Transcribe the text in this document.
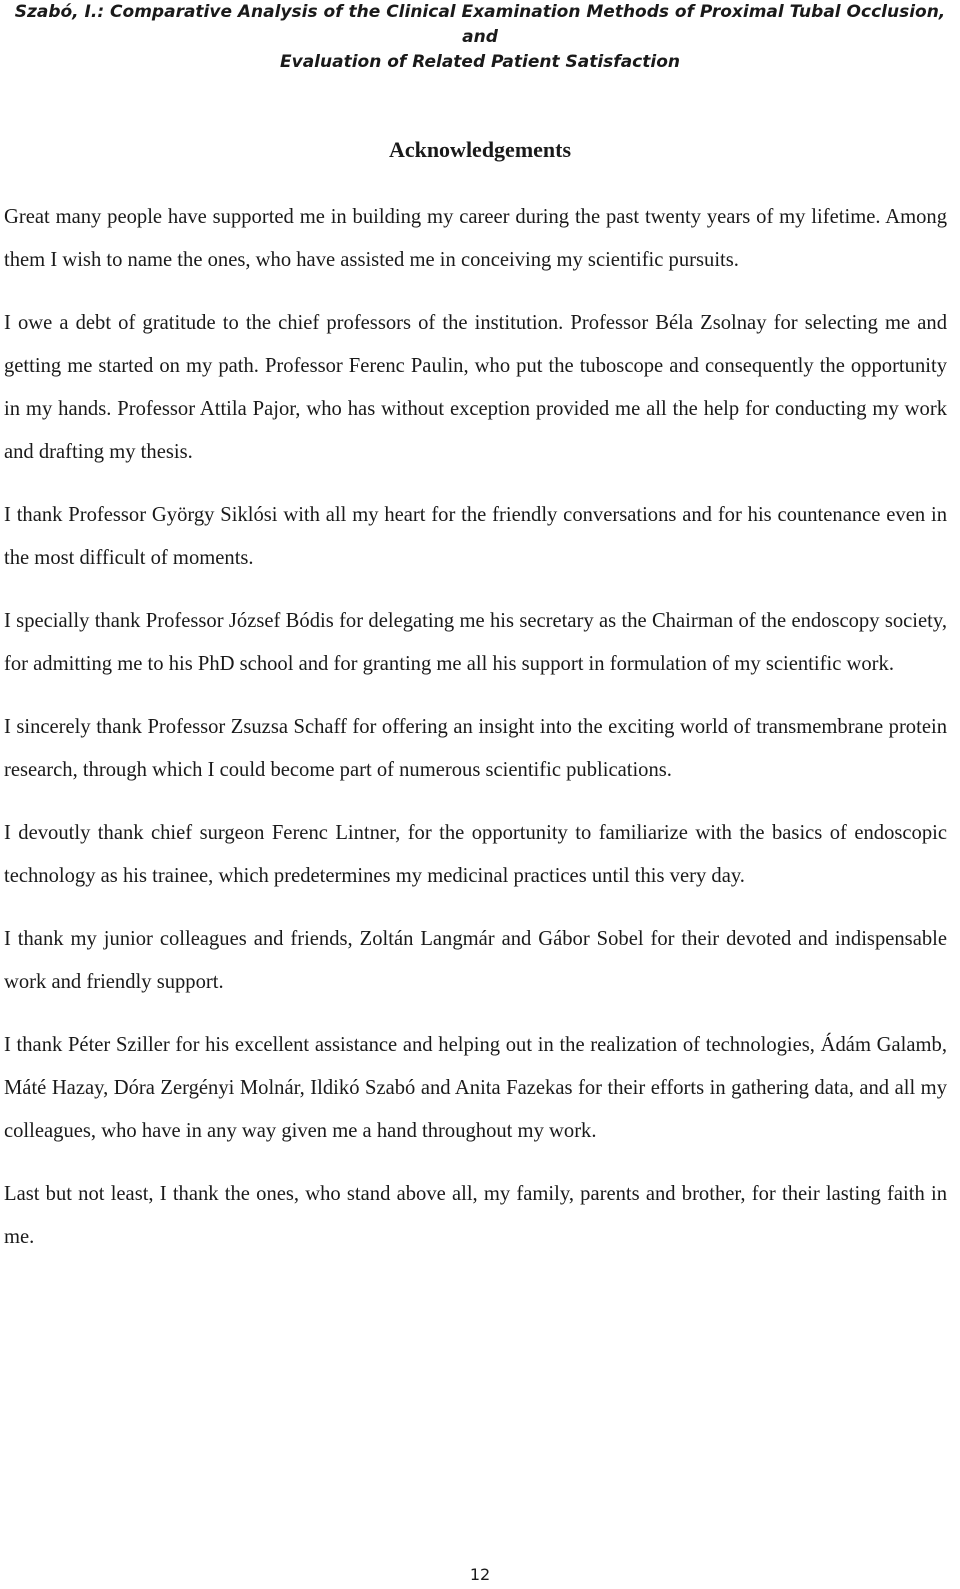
Szabó, I.: Comparative Analysis of the Clinical Examination Methods of Proximal Tubal Occlusion, and
Evaluation of Related Patient Satisfaction
Acknowledgements

Great many people have supported me in building my career during the past twenty years of my lifetime. Among them I wish to name the ones, who have assisted me in conceiving my scientific pursuits.

I owe a debt of gratitude to the chief professors of the institution. Professor Béla Zsolnay for selecting me and getting me started on my path. Professor Ferenc Paulin, who put the tuboscope and consequently the opportunity in my hands. Professor Attila Pajor, who has without exception provided me all the help for conducting my work and drafting my thesis.

I thank Professor György Siklósi with all my heart for the friendly conversations and for his countenance even in the most difficult of moments.

I specially thank Professor József Bódis for delegating me his secretary as the Chairman of the endoscopy society, for admitting me to his PhD school and for granting me all his support in formulation of my scientific work.

I sincerely thank Professor Zsuzsa Schaff for offering an insight into the exciting world of transmembrane protein research, through which I could become part of numerous scientific publications.

I devoutly thank chief surgeon Ferenc Lintner, for the opportunity to familiarize with the basics of endoscopic technology as his trainee, which predetermines my medicinal practices until this very day.

I thank my junior colleagues and friends, Zoltán Langmár and Gábor Sobel for their devoted and indispensable work and friendly support.

I thank Péter Sziller for his excellent assistance and helping out in the realization of technologies, Ádám Galamb, Máté Hazay, Dóra Zergényi Molnár, Ildikó Szabó and Anita Fazekas for their efforts in gathering data, and all my colleagues, who have in any way given me a hand throughout my work.

Last but not least, I thank the ones, who stand above all, my family, parents and brother, for their lasting faith in me.

12
